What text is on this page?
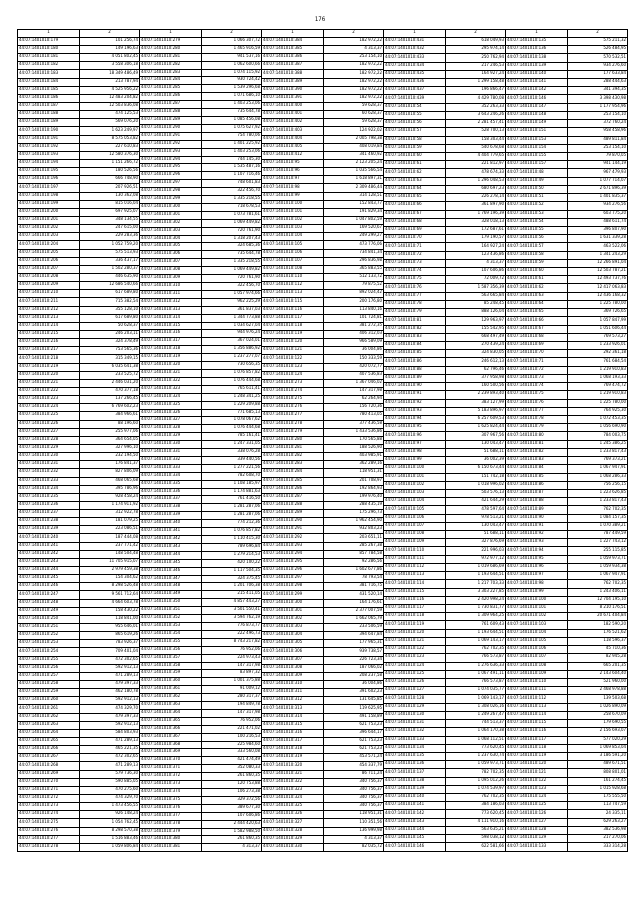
176
1	2
44:07:1401010:179	101 256,74
44:07:1401010:180	149 196,63
44:07:1401010:181	4 051 802,45
44:07:1401010:182	3 558 306,18
44:07:1401010:183	18 349 486,49
44:07:1401010:184	213 787,94
44:07:1401010:185	4 525 956,22
44:07:1401010:186	12 483 204,82
44:07:1401010:187	12 503 836,08
44:07:1401010:188	474 125,53
44:07:1401010:189	569 076,20
44:07:1401010:190	1 623 249,97
44:07:1401010:191	8 575 053,82
44:07:1401010:192	227 610,83
44:07:1401010:193	12 580 376,30
44:07:1401010:194	1 151 266,72
44:07:1401010:195	180 526,56
44:07:1401010:196	666 748,90
44:07:1401010:197	207 926,51
44:07:1401010:198	130 362,08
44:07:1401010:199	815 016,04
44:07:1401010:200	697 925,07
44:07:1401010:201	348 134,55
44:07:1401010:202	247 615,00
44:07:1401010:203	229 283,36
44:07:1401010:204	1 052 759,20
44:07:1401010:205	575 513,93
44:07:1401010:206	336 437,17
44:07:1401010:207	1 502 280,37
44:07:1401010:208	446 635,90
44:07:1401010:209	12 686 540,66
44:07:1401010:210	617 689,80
44:07:1401010:211	715 382,54
44:07:1401010:212	355 128,10
44:07:1401010:213	617 689,80
44:07:1401010:214	50 628,37
44:07:1401010:215	246 203,11
44:07:1401010:216	324 378,49
44:07:1401010:217	753 565,36
44:07:1401010:218	315 349,15
44:07:1401010:219	6 035 641,38
44:07:1401010:220	233 525,72
44:07:1401010:221	2 446 031,20
44:07:1401010:222	470 377,18
44:07:1401010:223	137 266,45
44:07:1401010:224	6 769 602,23
44:07:1401010:225	384 966,61
44:07:1401010:226	88 196,60
44:07:1401010:227	255 977,06
44:07:1401010:228	364 654,05
44:07:1401010:229	327 996,10
44:07:1401010:230	232 194,50
44:07:1401010:231	176 841,37
44:07:1401010:232	827 806,09
44:07:1401010:233	468 065,68
44:07:1401010:234	395 786,96
44:07:1401010:235	928 458,24
44:07:1401010:236	1 174 911,92
44:07:1401010:237	312 922,78
44:07:1401010:238	181 079,25
44:07:1401010:239	223 086,51
44:07:1401010:240	187 444,08
44:07:1401010:241	237 771,42
44:07:1401010:242	148 504,48
44:07:1401010:243	11 705 915,07
44:07:1401010:244	2 979 459,38
44:07:1401010:245	154 304,62
44:07:1401010:246	8 298 526,48
44:07:1401010:247	9 561 712,64
44:07:1401010:248	4 664 603,78
44:07:1401010:249	158 430,22
44:07:1401010:250	118 841,00
44:07:1401010:251	955 646,01
44:07:1401010:252	865 619,26
44:07:1401010:253	783 926,37
44:07:1401010:254	709 401,04
44:07:1401010:255	472 302,65
44:07:1401010:256	592 912,13
44:07:1401010:257	471 289,13
44:07:1401010:258	479 397,33
44:07:1401010:259	462 180,78
44:07:1401010:260	592 912,13
44:07:1401010:261	474 329,70
44:07:1401010:262	479 397,33
44:07:1401010:263	592 912,13
44:07:1401010:264	584 803,93
44:07:1401010:265	471 289,13
44:07:1401010:266	465 221,35
44:07:1401010:267	472 302,65
44:07:1401010:268	471 289,13
44:07:1401010:269	579 736,30
44:07:1401010:270	590 885,05
44:07:1401010:271	470 275,60
44:07:1401010:272	474 329,70
44:07:1401010:273	1 473 456,55
44:07:1401010:274	926 148,24
44:07:1401010:275	1 054 762,45
44:07:1401010:276	8 298 570,38
44:07:1401010:277	1 516 883,46
44:07:1401010:278	1 059 806,84
1	2
44:07:1401010:279	1 066 307,72
44:07:1401010:280	1 465 916,59
44:07:1401010:281	941 537,16
44:07:1401010:282	1 062 600,66
44:07:1401010:283	1 074 115,92
44:07:1401010:284	930 724,42
44:07:1401010:285	1 539 296,68
44:07:1401010:286	1 071 686,10
44:07:1401010:287	1 403 253,06
44:07:1401010:288	735 644,78
44:07:1401010:289	1 085 456,08
44:07:1401010:290	1 075 627,92
44:07:1401010:291	754 780,06
44:07:1401010:292	1 401 225,92
44:07:1401010:293	1 403 253,06
44:07:1401010:294	744 145,30
44:07:1401010:295	1 535 487,16
44:07:1401010:296	1 107 716,46
44:07:1401010:297	748 601,83
44:07:1401010:298	322 456,70
44:07:1401010:299	1 335 218,55
44:07:1401010:300	718 678,53
44:07:1401010:301	1 073 781,61
44:07:1401010:302	1 069 449,82
44:07:1401010:303	720 761,90
44:07:1401010:304	1 318 207,43
44:07:1401010:305	324 685,36
44:07:1401010:306	735 644,78
44:07:1401010:307	1 335 218,55
44:07:1401010:308	1 069 449,82
44:07:1401010:309	720 761,90
44:07:1401010:310	322 456,70
44:07:1401010:311	1 057 974,66
44:07:1401010:312	962 225,29
44:07:1401010:313	361 837,03
44:07:1401010:314	1 344 773,88
44:07:1401010:315	1 034 627,04
44:07:1401010:316	944 976,24
44:07:1401010:317	367 024,01
44:07:1401010:318	1 356 886,92
44:07:1401010:319	1 237 277,07
44:07:1401010:320	730 656,35
44:07:1401010:321	1 076 857,82
44:07:1401010:322	1 076 444,68
44:07:1401010:323	765 611,41
44:07:1401010:324	1 248 341,25
44:07:1401010:325	1 229 209,88
44:07:1401010:326	771 685,13
44:07:1401010:327	1 078 067,62
44:07:1401010:328	1 076 444,68
44:07:1401010:329	785 161,41
44:07:1401010:330	1 247 331,05
44:07:1401010:331	338 076,28
44:07:1401010:332	339 440,56
44:07:1401010:333	1 277 221,56
44:07:1401010:334	782 608,70
44:07:1401010:335	1 108 185,97
44:07:1401010:336	1 174 881,63
44:07:1401010:337	761 416,50
44:07:1401010:338	1 281 287,06
44:07:1401010:339	1 281 287,06
44:07:1401010:340	774 212,36
44:07:1401010:341	1 076 857,82
44:07:1401010:342	1 110 415,30
44:07:1401010:343	789 696,84
44:07:1401010:344	1 279 214,53
44:07:1401010:345	420 100,22
44:07:1401010:346	1 117 504,35
44:07:1401010:347	324 375,45
44:07:1401010:348	1 201 706,38
44:07:1401010:349	215 411,05
44:07:1401010:350	4 857 443,27
44:07:1401010:351	3 501 550,41
44:07:1401010:352	3 594 762,19
44:07:1401010:353	776 873,77
44:07:1401010:354	222 496,73
44:07:1401010:355	8 743 217,82
44:07:1401010:356	76 952,06
44:07:1401010:357	224 973,43
44:07:1401010:358	147 317,98
44:07:1401010:359	83 897,32
44:07:1401010:360	1 001 375,88
44:07:1401010:361	91 009,12
44:07:1401010:362	280 317,37
44:07:1401010:363	194 849,78
44:07:1401010:364	147 317,98
44:07:1401010:365	76 952,06
44:07:1401010:366	221 471,02
44:07:1401010:367	100 216,53
44:07:1401010:368	225 984,60
44:07:1401010:369	333 560,08
44:07:1401010:370	421 474,49
44:07:1401010:371	352 080,33
44:07:1401010:372	261 860,35
44:07:1401010:373	120 753,88
44:07:1401010:374	106 273,38
44:07:1401010:375	329 372,56
44:07:1401010:376	389 677,30
44:07:1401010:377	107 606,86
44:07:1401010:378	2 444 420,63
44:07:1401010:379	1 582 988,50
44:07:1401010:380	261 860,35
44:07:1401010:381	4 313,37
1	2
44:07:1401010:384	182 972,22
44:07:1401010:385	4 313,37
44:07:1401010:386	253 154,10
44:07:1401010:387	182 972,22
44:07:1401010:388	182 972,22
44:07:1401010:389	182 972,22
44:07:1401010:390	182 972,22
44:07:1401010:391	182 972,22
44:07:1401010:400	59 628,37
44:07:1401010:401	60 628,37
44:07:1401010:402	59 628,37
44:07:1401010:403	124 922,02
44:07:1401010:404	2 005 798,38
44:07:1401010:405	408 019,84
44:07:1401010:412	341 460,92
44:07:1401010:95	2 123 205,24
44:07:1401010:96	1 035 566,54
44:07:1401010:97	1 618 897,31
44:07:1401010:98	2 309 486,44
44:07:1401010:99	314 128,51
44:07:1401010:100	152 843,77
44:07:1401010:101	191 829,34
44:07:1401010:102	1 047 802,59
44:07:1401010:103	169 520,67
44:07:1401010:104	249 299,27
44:07:1401010:105	473 776,06
44:07:1401010:106	734 841,34
44:07:1401010:107	296 836,98
44:07:1401010:108	365 883,55
44:07:1401010:110	512 133,72
44:07:1401010:112	79 875,52
44:07:1401010:113	892 024,42
44:07:1401010:115	200 176,80
44:07:1401010:116	113 840,16
44:07:1401010:117	101 724,81
44:07:1401010:118	381 272,35
44:07:1401010:119	406 312,03
44:07:1401010:120	966 589,09
44:07:1401010:121	36 004,86
44:07:1401010:122	150 333,59
44:07:1401010:123	420 072,77
44:07:1401010:124	407 536,83
44:07:1401010:273	1 367 046,02
44:07:1401010:274	147 317,98
44:07:1401010:275	62 264,94
44:07:1401010:276	156 720,36
44:07:1401010:277	780 413,05
44:07:1401010:278	377 436,58
44:07:1401010:279	1 433 536,86
44:07:1401010:280	170 565,88
44:07:1401010:281	188 526,90
44:07:1401010:282	403 985,91
44:07:1401010:283	362 289,16
44:07:1401010:284	118 951,31
44:07:1401010:285	201 708,97
44:07:1401010:286	192 864,93
44:07:1401010:287	199 976,40
44:07:1401010:288	288 435,19
44:07:1401010:289	175 296,73
44:07:1401010:290	1 962 454,90
44:07:1401010:291	932 803,23
44:07:1401010:292	203 651,11
44:07:1401010:293	285 267,38
44:07:1401010:294	857 784,58
44:07:1401010:295	92 286,56
44:07:1401010:296	1 602 677,86
44:07:1401010:297	78 793,54
44:07:1401010:298	381 716,75
44:07:1401010:299	431 520,14
44:07:1401010:300	164 176,61
44:07:1401010:301	2 377 007,59
44:07:1401010:302	1 662 065,79
44:07:1401010:303	233 506,59
44:07:1401010:304	394 647,84
44:07:1401010:305	177 965,31
44:07:1401010:306	939 738,57
44:07:1401010:307	226 723,34
44:07:1401010:308	187 066,02
44:07:1401010:309	208 237,58
44:07:1401010:310	36 004,86
44:07:1401010:311	391 602,23
44:07:1401010:312	131 645,85
44:07:1401010:313	119 625,95
44:07:1401010:314	491 158,89
44:07:1401010:315	621 753,23
44:07:1401010:316	396 644,17
44:07:1401010:317	621 753,23
44:07:1401010:318	621 753,23
44:07:1401010:319	453 571,24
44:07:1401010:320	454 337,79
44:07:1401010:321	86 711,24
44:07:1401010:322	340 756,37
44:07:1401010:323	340 756,37
44:07:1401010:324	340 756,37
44:07:1401010:325	340 756,37
44:07:1401010:326	118 951,31
44:07:1401010:327	110 351,56
44:07:1401010:328	136 999,98
44:07:1401010:329	4 313,37
44:07:1401010:330	82 035,72
1	2
44:07:1401010:431	618 049,93
44:07:1401010:432	295 974,14
44:07:1401010:433	250 762,94
44:07:1401010:434	217 246,53
44:07:1401010:435	164 927,24
44:07:1401010:436	1 299 158,48
44:07:1401010:437	196 866,47
44:07:1401010:439	4 429 780,08
44:07:1401010:54	352 263,33
44:07:1401010:55	3 643 246,26
44:07:1401010:56	2 281 457,41
44:07:1401010:57	528 700,13
44:07:1401010:58	158 303,44
44:07:1401010:59	540 678,68
44:07:1401010:60	4 404 779,65
44:07:1401010:61	221 812,97
44:07:1401010:62	478 674,33
44:07:1401010:63	1 296 048,53
44:07:1401010:64	680 697,23
44:07:1401010:65	226 278,14
44:07:1401010:66	361 897,90
44:07:1401010:67	1 769 196,39
44:07:1401010:68	328 018,13
44:07:1401010:69	172 687,61
44:07:1401010:70	179 190,57
44:07:1401010:71	164 927,24
44:07:1401010:72	123 436,86
44:07:1401010:73	4 313,37
44:07:1401010:74	107 606,86
44:07:1401010:75	72 009,72
44:07:1401010:76	1 587 356,39
44:07:1401010:77	563 665,84
44:07:1401010:78	85 248,45
44:07:1401010:79	888 126,04
44:07:1401010:81	129 963,97
44:07:1401010:82	155 542,95
44:07:1401010:83	668 497,49
44:07:1401010:84	270 439,24
44:07:1401010:85	324 830,05
44:07:1401010:86	246 612,13
44:07:1401010:88	62 796,46
44:07:1401010:89	377 958,98
44:07:1401010:90	160 500,56
44:07:1401010:91	2 239 893,40
44:07:1401010:92	383 127,99
44:07:1401010:93	5 183 896,97
44:07:1401010:94	6 257 609,53
44:07:1401010:95	1 625 824,44
44:07:1401010:96	307 967,56
44:07:1401010:97	130 043,47
44:07:1401010:98	51 688,11
44:07:1401010:99	36 002,39
44:07:1401010:100	6 150 673,44
44:07:1401010:101	151 742,18
44:07:1401010:102	1 018 996,02
44:07:1401010:103	503 576,13
44:07:1401010:104	421 644,29
44:07:1401010:105	478 597,64
44:07:1401010:106	978 513,21
44:07:1401010:107	130 043,47
44:07:1401010:108	51 688,11
44:07:1401010:109	327 876,69
44:07:1401010:110	221 996,03
44:07:1401010:111	972 977,12
44:07:1401010:112	1 019 686,69
44:07:1401010:113	1 193 644,51
44:07:1401010:114	1 217 703,33
44:07:1401010:115	3 303 227,85
44:07:1401010:116	2 420 998,24
44:07:1401010:117	1 730 831,77
44:07:1401010:118	1 309 964,25
44:07:1401010:119	761 609,43
44:07:1401010:120	1 193 644,51
44:07:1401010:121	1 069 143,17
44:07:1401010:122	762 702,35
44:07:1401010:123	766 573,87
44:07:1401010:124	1 276 636,33
44:07:1401010:125	1 067 491,11
44:07:1401010:126	766 573,87
44:07:1401010:127	1 074 035,77
44:07:1401010:128	1 069 143,17
44:07:1401010:129	1 308 026,16
44:07:1401010:130	1 249 267,47
44:07:1401010:131	744 513,37
44:07:1401010:132	1 064 170,38
44:07:1401010:133	1 068 112,51
44:07:1401010:134	773 620,45
44:07:1401010:135	1 237 630,74
44:07:1401010:136	1 059 973,71
44:07:1401010:137	782 702,35
44:07:1401010:138	1 095 012,26
44:07:1401010:139	1 074 539,97
44:07:1401010:140	762 702,35
44:07:1401010:141	384 186,03
44:07:1401010:142	773 620,45
44:07:1401010:143	4 111 910,16
44:07:1401010:144	563 635,21
44:07:1401010:145	598 038,12
44:07:1401010:146	622 581,66
1	2
44:07:1401010:135	575 211,32
44:07:1401010:136	526 484,95
44:07:1401010:138	570 532,51
44:07:1401010:139	934 276,60
44:07:1401010:140	177 633,84
44:07:1401010:141	288 444,63
44:07:1401010:142	341 394,35
44:07:1401010:146	3 398 430,98
44:07:1401010:147	1 177 954,96
44:07:1401010:148	253 154,10
44:07:1401010:149	372 760,24
44:07:1401010:151	958 458,96
44:07:1401010:153	489 811,84
44:07:1401010:154	253 154,10
44:07:1401010:155	79 870,05
44:07:1401010:157	941 144,19
44:07:1401010:48	967 479,93
44:07:1401010:49	1 077 714,07
44:07:1401010:50	2 671 896,39
44:07:1401010:51	1 401 835,37
44:07:1401010:52	934 276,56
44:07:1401010:53	603 775,20
44:07:1401010:54	488 611,74
44:07:1401010:55	396 807,90
44:07:1401010:56	1 631 339,28
44:07:1401010:57	463 522,06
44:07:1401010:58	1 341 243,29
44:07:1401010:59	12 266 891,04
44:07:1401010:60	12 503 787,21
44:07:1401010:61	12 493 737,76
44:07:1401010:62	12 417 063,83
44:07:1401010:63	12 436 168,32
44:07:1401010:64	1 225 780,00
44:07:1401010:65	369 726,65
44:07:1401010:66	1 057 847,99
44:07:1401010:67	1 051 606,44
44:07:1401010:68	769 573,27
44:07:1401010:69	1 233 926,01
44:07:1401010:70	292 361,18
44:07:1401010:71	761 684,54
44:07:1401010:72	1 219 910,83
44:07:1401010:73	1 068 193,33
44:07:1401010:74	769 474,72
44:07:1401010:75	1 219 910,83
44:07:1401010:76	1 225 780,00
44:07:1401010:77	764 925,30
44:07:1401010:78	1 072 453,35
44:07:1401010:79	1 056 690,90
44:07:1401010:80	784 003,75
44:07:1401010:81	1 245 386,25
44:07:1401010:82	1 233 817,43
44:07:1401010:83	769 373,21
44:07:1401010:84	1 067 947,91
44:07:1401010:85	1 068 286,33
44:07:1401010:86	756 256,15
44:07:1401010:87	1 223 626,85
44:07:1401010:88	1 233 817,43
44:07:1401010:89	762 702,35
44:07:1401010:90	1 084 157,35
44:07:1401010:91	1 070 389,21
44:07:1401010:92	787 449,59
44:07:1401010:93	1 227 743,12
44:07:1401010:94	255 115,85
44:07:1401010:95	1 059 973,71
44:07:1401010:96	1 059 934,38
44:07:1401010:97	1 067 947,91
44:07:1401010:98	762 702,35
44:07:1401010:99	1 243 406,11
44:07:1401010:100	12 704 195,10
44:07:1401010:101	8 210 176,51
44:07:1401010:102	20 671 404,84
44:07:1401010:103	182 590,20
44:07:1401010:104	176 521,62
44:07:1401010:105	118 596,37
44:07:1401010:106	45 710,36
44:07:1401010:107	82 945,28
44:07:1401010:108	665 201,35
44:07:1401010:109	2 143 604,40
44:07:1401010:110	521 960,00
44:07:1401010:111	2 468 978,88
44:07:1401010:112	139 503,68
44:07:1401010:113	1 026 890,09
44:07:1401010:114	258 670,09
44:07:1401010:115	179 690,55
44:07:1401010:116	2 156 693,07
44:07:1401010:117	577 020,29
44:07:1401010:118	1 069 853,04
44:07:1401010:119	3 186 591,20
44:07:1401010:120	489 671,51
44:07:1401010:121	808 801,01
44:07:1401010:122	161 274,45
44:07:1401010:123	1 015 928,68
44:07:1401010:124	175 555,50
44:07:1401010:125	113 747,59
44:07:1401010:126	24 335,11
44:07:1401010:127	629 263,27
44:07:1401010:128	382 536,98
44:07:1401010:129	217 270,06
44:07:1401010:133	333 314,28
